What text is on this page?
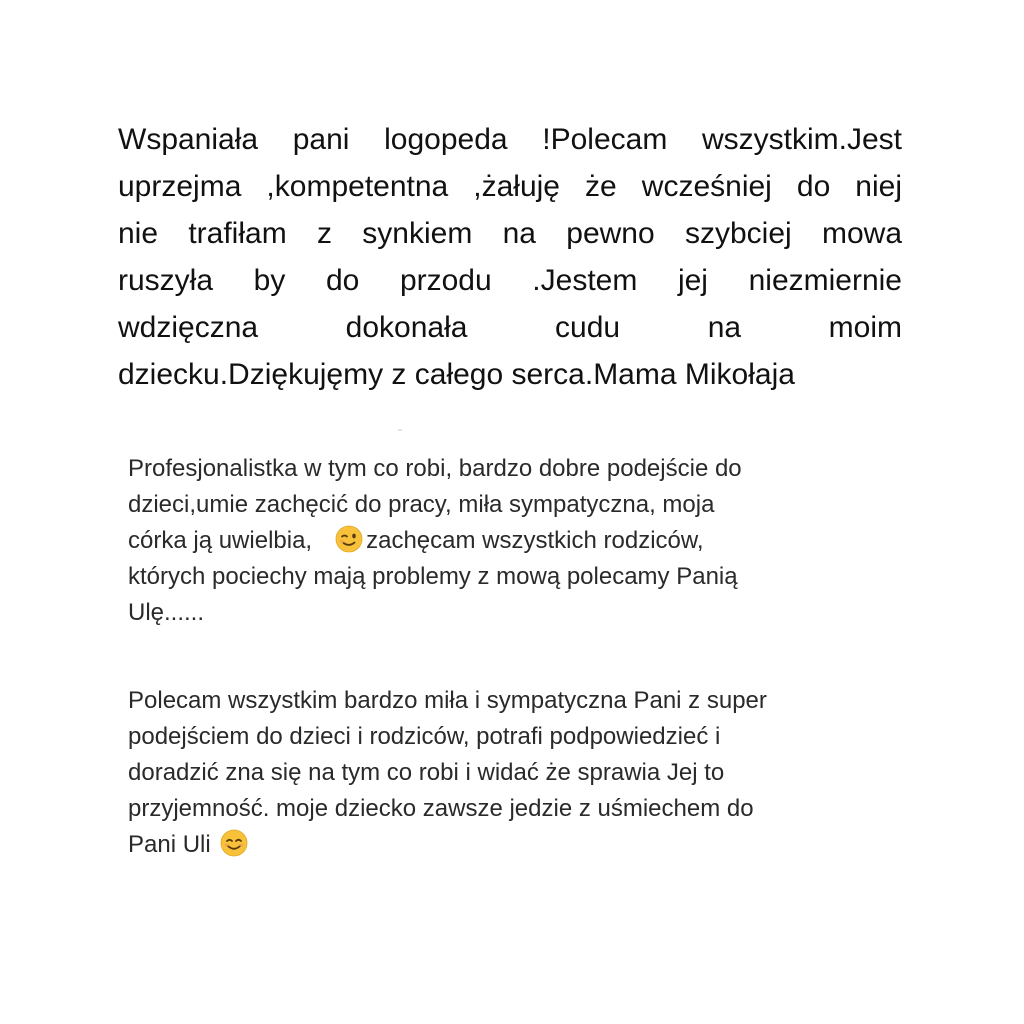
Wspaniała pani logopeda !Polecam wszystkim.Jest
uprzejma ,kompetentna ,żałuję że wcześniej do niej
nie trafiłam z synkiem na pewno szybciej mowa
ruszyła by do przodu .Jestem jej niezmiernie
wdzięczna dokonała cudu na moim
dziecku.Dziękujęmy z całego serca.Mama Mikołaja
Profesjonalistka w tym co robi, bardzo dobre podejście do
dzieci,umie zachęcić do pracy, miła sympatyczna, moja
córka ją uwielbia, zachęcam wszystkich rodziców,
których pociechy mają problemy z mową polecamy Panią
Ulę......
Polecam wszystkim bardzo miła i sympatyczna Pani z super
podejściem do dzieci i rodziców, potrafi podpowiedzieć i
doradzić zna się na tym co robi i widać że sprawia Jej to
przyjemność. moje dziecko zawsze jedzie z uśmiechem do
Pani Uli
